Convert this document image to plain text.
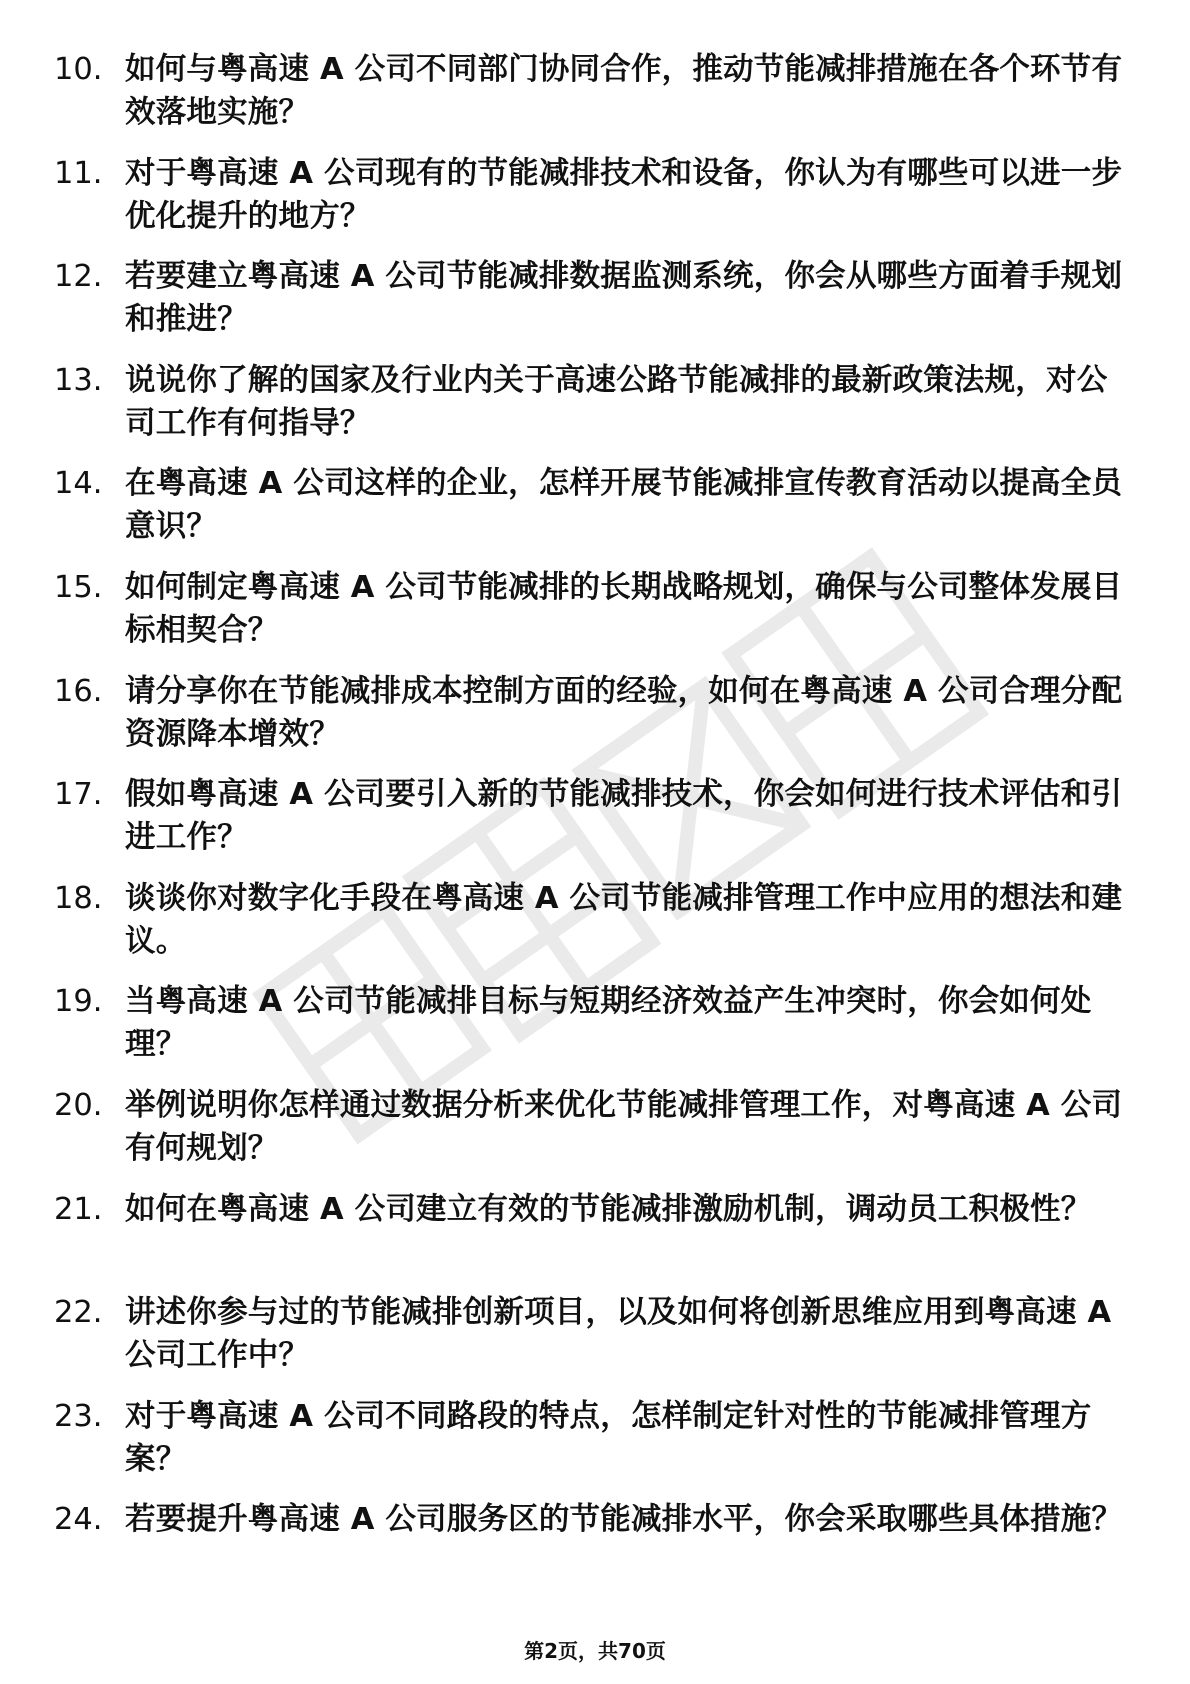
10. 如何与粤高速 A 公司不同部门协同合作，推动节能减排措施在各个环节有效落地实施？
11. 对于粤高速 A 公司现有的节能减排技术和设备，你认为有哪些可以进一步优化提升的地方？
12. 若要建立粤高速 A 公司节能减排数据监测系统，你会从哪些方面着手规划和推进？
13. 说说你了解的国家及行业内关于高速公路节能减排的最新政策法规，对公司工作有何指导？
14. 在粤高速 A 公司这样的企业，怎样开展节能减排宣传教育活动以提高全员意识？
15. 如何制定粤高速 A 公司节能减排的长期战略规划，确保与公司整体发展目标相契合？
16. 请分享你在节能减排成本控制方面的经验，如何在粤高速 A 公司合理分配资源降本增效？
17. 假如粤高速 A 公司要引入新的节能减排技术，你会如何进行技术评估和引进工作？
18. 谈谈你对数字化手段在粤高速 A 公司节能减排管理工作中应用的想法和建议。
19. 当粤高速 A 公司节能减排目标与短期经济效益产生冲突时，你会如何处理？
20. 举例说明你怎样通过数据分析来优化节能减排管理工作，对粤高速 A 公司有何规划？
21. 如何在粤高速 A 公司建立有效的节能减排激励机制，调动员工积极性？
22. 讲述你参与过的节能减排创新项目，以及如何将创新思维应用到粤高速 A 公司工作中？
23. 对于粤高速 A 公司不同路段的特点，怎样制定针对性的节能减排管理方案？
24. 若要提升粤高速 A 公司服务区的节能减排水平，你会采取哪些具体措施？
第2页，共70页
